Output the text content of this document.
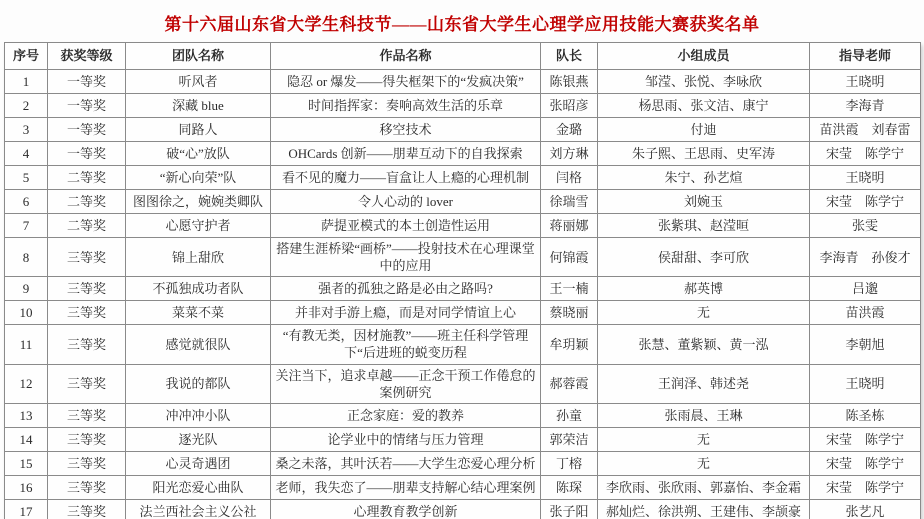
第十六届山东省大学生科技节——山东省大学生心理学应用技能大赛获奖名单
序号	获奖等级	团队名称	作品名称	队长	小组成员	指导老师
1	一等奖	听风者	隐忍 or 爆发——得失框架下的“发疯决策”	陈银燕	邹滢、张悦、李咏欣	王晓明
2	一等奖	深藏 blue	时间指挥家：奏响高效生活的乐章	张昭彦	杨思雨、张文洁、康宁	李海青
3	一等奖	同路人	移空技术	金璐	付迪	苗洪霞　刘春雷
4	一等奖	破“心”放队	OHCards 创新——朋辈互动下的自我探索	刘方琳	朱子熙、王思雨、史军涛	宋莹　陈学宁
5	二等奖	“新心向荣”队	看不见的魔力——盲盒让人上瘾的心理机制	闫格	朱宁、孙艺煊	王晓明
6	二等奖	图图徐之，婉婉类卿队	令人心动的 lover	徐瑞雪	刘婉玉	宋莹　陈学宁
7	二等奖	心愿守护者	萨提亚模式的本土创造性运用	蒋丽娜	张紫琪、赵滢晅	张雯
8	三等奖	锦上甜欣	搭建生涯桥梁“画桥”——投射技术在心理课堂中的应用	何锦霞	侯甜甜、李可欣	李海青　孙俊才
9	三等奖	不孤独成功者队	强者的孤独之路是必由之路吗?	王一楠	郝英博	吕邈
10	三等奖	菜菜不菜	并非对手游上瘾，而是对同学情谊上心	蔡晓丽	无	苗洪霞
11	三等奖	感觉就很队	“有教无类，因材施教”——班主任科学管理下“后进班的蜕变历程	牟玥颖	张慧、董紫颖、黄一泓	李朝旭
12	三等奖	我说的都队	关注当下，追求卓越——正念干预工作倦怠的案例研究	郝蓉霞	王润泽、韩述尧	王晓明
13	三等奖	冲冲冲小队	正念家庭：爱的教养	孙童	张雨晨、王琳	陈圣栋
14	三等奖	逐光队	论学业中的情绪与压力管理	郭荣洁	无	宋莹　陈学宁
15	三等奖	心灵奇遇团	桑之未落，其叶沃若——大学生恋爱心理分析	丁榕	无	宋莹　陈学宁
16	三等奖	阳光恋爱心曲队	老师，我失恋了——朋辈支持解心结心理案例	陈琛	李欣雨、张欣雨、郭嘉怡、李金霜	宋莹　陈学宁
17	三等奖	法兰西社会主义公社	心理教育教学创新	张子阳	郝灿烂、徐洪朔、王建伟、李颉豪	张艺凡
